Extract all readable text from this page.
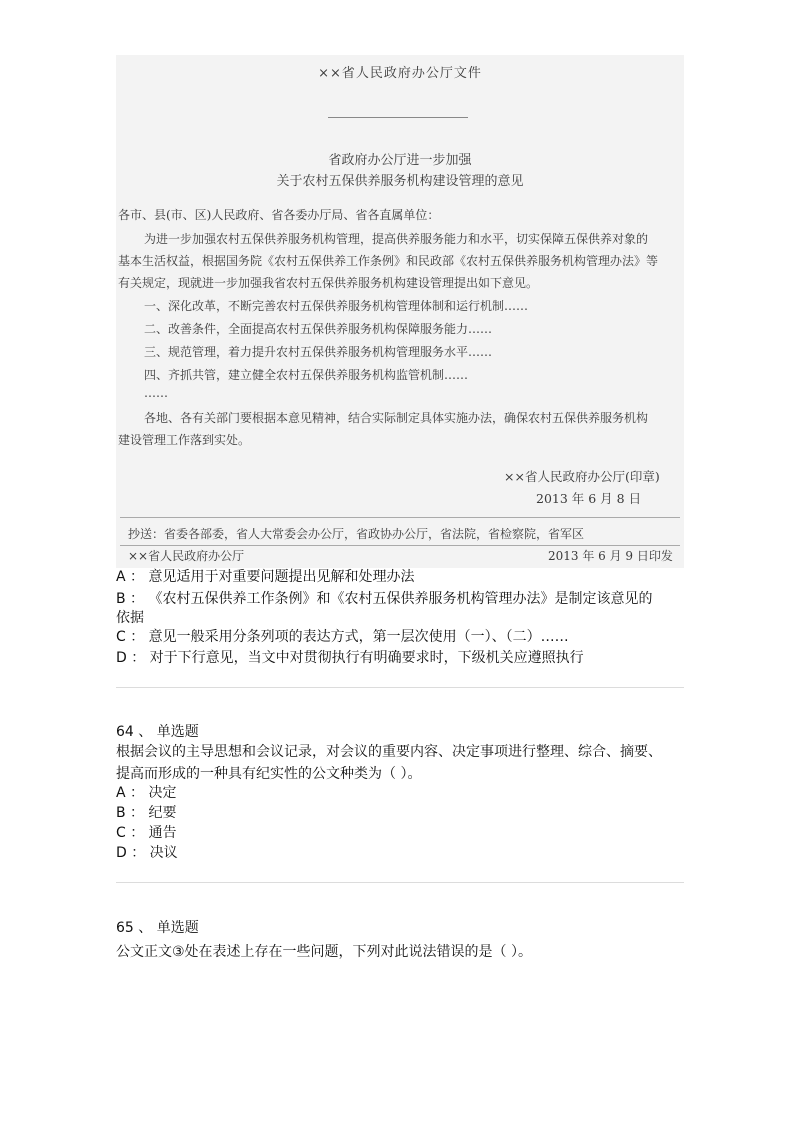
××省人民政府办公厅文件
省政府办公厅进一步加强
关于农村五保供养服务机构建设管理的意见
各市、县(市、区)人民政府、省各委办厅局、省各直属单位：
为进一步加强农村五保供养服务机构管理，提高供养服务能力和水平，切实保障五保供养对象的
基本生活权益，根据国务院《农村五保供养工作条例》和民政部《农村五保供养服务机构管理办法》等
有关规定，现就进一步加强我省农村五保供养服务机构建设管理提出如下意见。
一、深化改革，不断完善农村五保供养服务机构管理体制和运行机制……
二、改善条件，全面提高农村五保供养服务机构保障服务能力……
三、规范管理，着力提升农村五保供养服务机构管理服务水平……
四、齐抓共管，建立健全农村五保供养服务机构监管机制……
……
各地、各有关部门要根据本意见精神，结合实际制定具体实施办法，确保农村五保供养服务机构
建设管理工作落到实处。
××省人民政府办公厅(印章)
2013 年 6 月 8 日
抄送：省委各部委，省人大常委会办公厅，省政协办公厅，省法院，省检察院，省军区
××省人民政府办公厅	2013 年 6 月 9 日印发
A ： 意见适用于对重要问题提出见解和处理办法
B ： 《农村五保供养工作条例》和《农村五保供养服务机构管理办法》是制定该意见的
依据
C ： 意见一般采用分条列项的表达方式，第一层次使用（一）、（二）……
D ： 对于下行意见，当文中对贯彻执行有明确要求时，下级机关应遵照执行
64 、 单选题
根据会议的主导思想和会议记录，对会议的重要内容、决定事项进行整理、综合、摘要、
提高而形成的一种具有纪实性的公文种类为（ ）。
A ： 决定
B ： 纪要
C ： 通告
D ： 决议
65 、 单选题
公文正文③处在表述上存在一些问题，下列对此说法错误的是（ ）。
